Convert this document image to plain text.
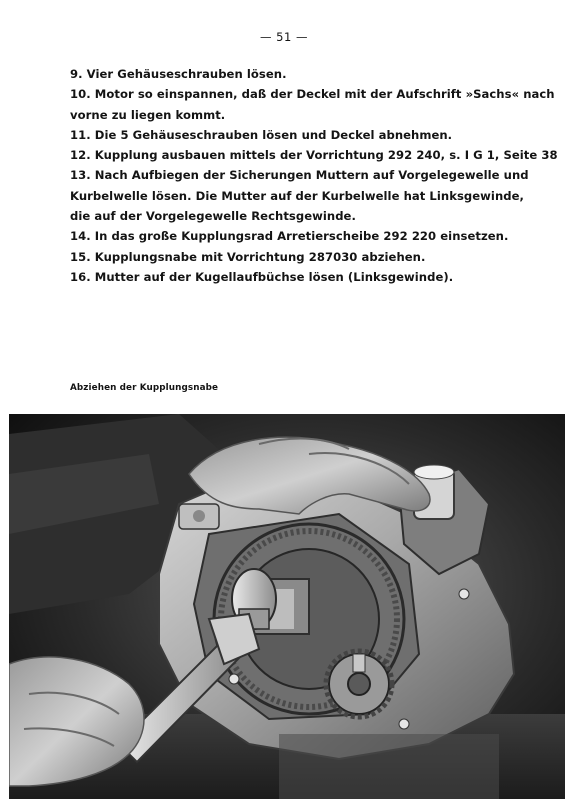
— 51 —
9. Vier Gehäuseschrauben lösen.
10. Motor so einspannen, daß der Deckel mit der Aufschrift »Sachs« nach
vorne zu liegen kommt.
11. Die 5 Gehäuseschrauben lösen und Deckel abnehmen.
12. Kupplung ausbauen mittels der Vorrichtung 292 240, s. I G 1, Seite 38
13. Nach Aufbiegen der Sicherungen Muttern auf Vorgelegewelle und
Kurbelwelle lösen. Die Mutter auf der Kurbelwelle hat Linksgewinde,
die auf der Vorgelegewelle Rechtsgewinde.
14. In das große Kupplungsrad Arretierscheibe 292 220 einsetzen.
15. Kupplungsnabe mit Vorrichtung 287030 abziehen.
16. Mutter auf der Kugellaufbüchse lösen (Linksgewinde).
Abziehen der Kupplungsnabe
